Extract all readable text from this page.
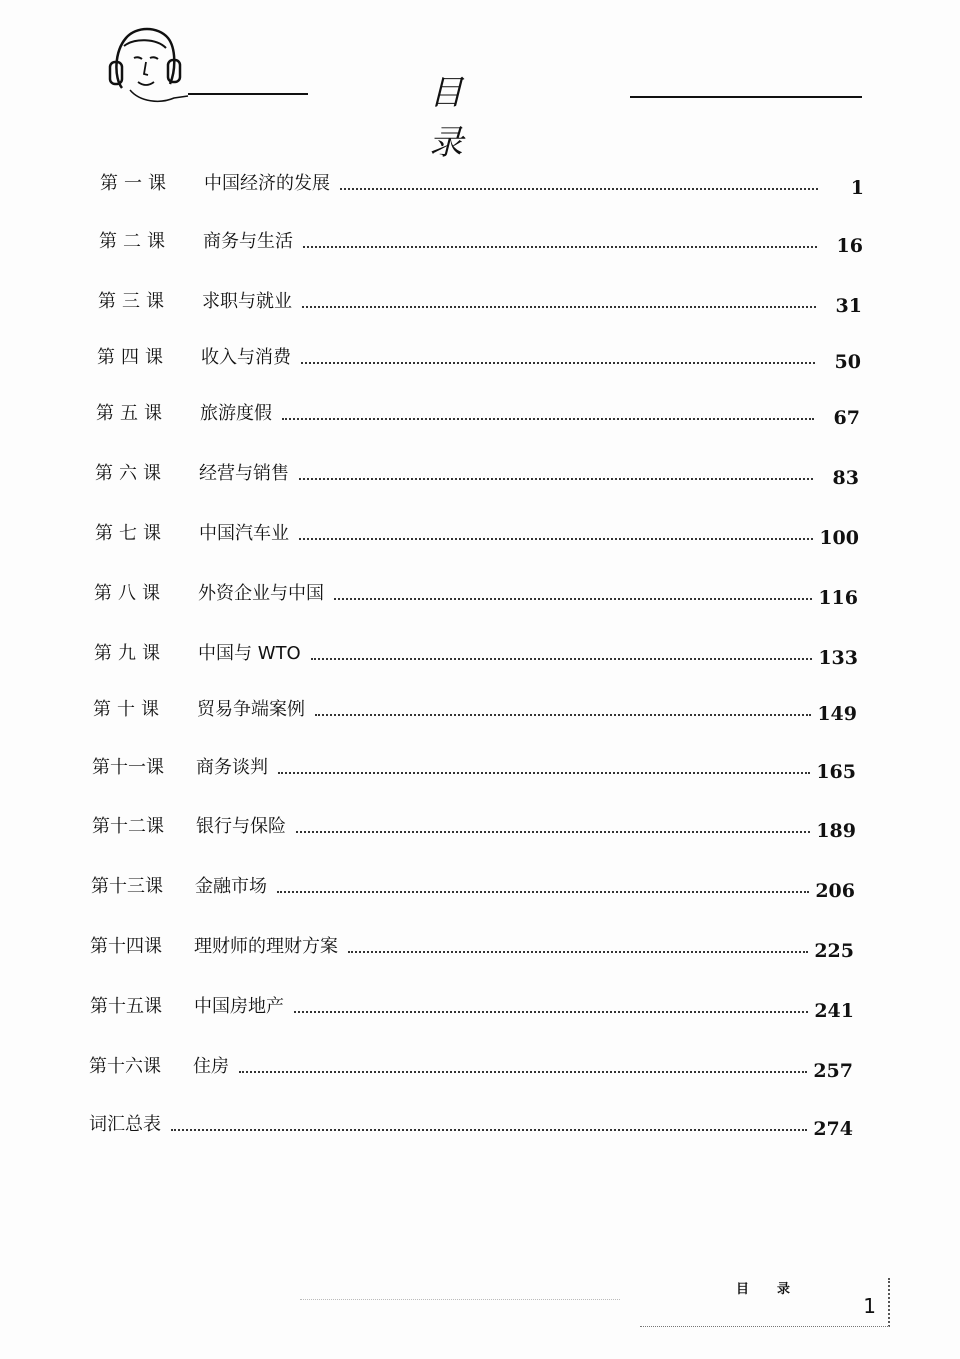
目 录
第一课	中国经济的发展	1
第二课	商务与生活	16
第三课	求职与就业	31
第四课	收入与消费	50
第五课	旅游度假	67
第六课	经营与销售	83
第七课	中国汽车业	100
第八课	外资企业与中国	116
第九课	中国与 WTO	133
第十课	贸易争端案例	149
第十一课	商务谈判	165
第十二课	银行与保险	189
第十三课	金融市场	206
第十四课	理财师的理财方案	225
第十五课	中国房地产	241
第十六课	住房	257
词汇总表	274
目录
1
